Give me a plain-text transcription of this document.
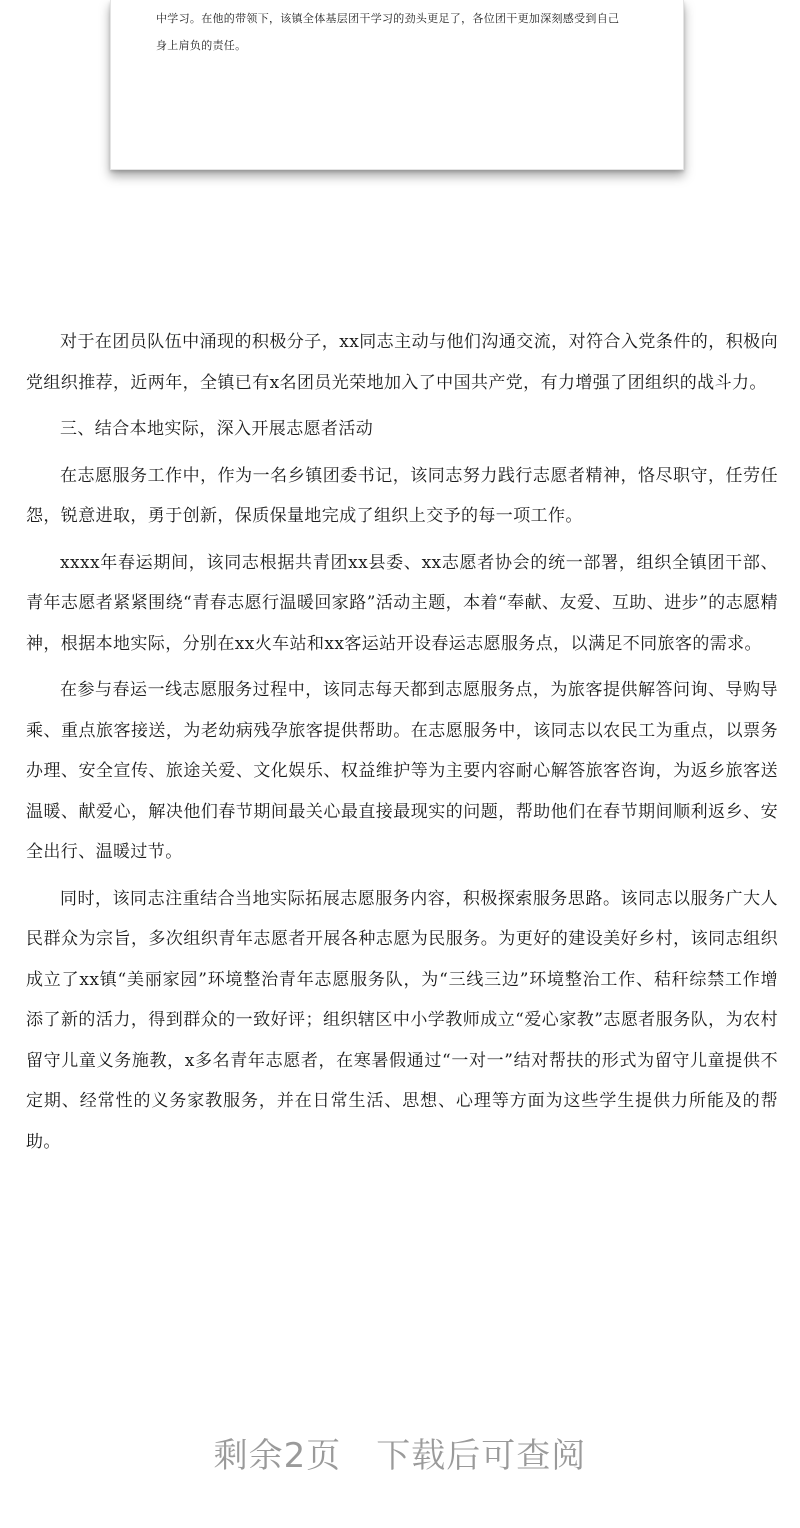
中学习。在他的带领下，该镇全体基层团干学习的劲头更足了，各位团干更加深刻感受到自己

身上肩负的责任。

对于在团员队伍中涌现的积极分子，xx同志主动与他们沟通交流，对符合入党条件的，积极向党组织推荐，近两年，全镇已有x名团员光荣地加入了中国共产党，有力增强了团组织的战斗力。

三、结合本地实际，深入开展志愿者活动

在志愿服务工作中，作为一名乡镇团委书记，该同志努力践行志愿者精神，恪尽职守，任劳任怨，锐意进取，勇于创新，保质保量地完成了组织上交予的每一项工作。

xxxx年春运期间，该同志根据共青团xx县委、xx志愿者协会的统一部署，组织全镇团干部、青年志愿者紧紧围绕“青春志愿行温暖回家路”活动主题，本着“奉献、友爱、互助、进步”的志愿精神，根据本地实际，分别在xx火车站和xx客运站开设春运志愿服务点，以满足不同旅客的需求。

在参与春运一线志愿服务过程中，该同志每天都到志愿服务点，为旅客提供解答问询、导购导乘、重点旅客接送，为老幼病残孕旅客提供帮助。在志愿服务中，该同志以农民工为重点，以票务办理、安全宣传、旅途关爱、文化娱乐、权益维护等为主要内容耐心解答旅客咨询，为返乡旅客送温暖、献爱心，解决他们春节期间最关心最直接最现实的问题，帮助他们在春节期间顺利返乡、安全出行、温暖过节。

同时，该同志注重结合当地实际拓展志愿服务内容，积极探索服务思路。该同志以服务广大人民群众为宗旨，多次组织青年志愿者开展各种志愿为民服务。为更好的建设美好乡村，该同志组织成立了xx镇“美丽家园”环境整治青年志愿服务队，为“三线三边”环境整治工作、秸秆综禁工作增添了新的活力，得到群众的一致好评；组织辖区中小学教师成立“爱心家教”志愿者服务队，为农村留守儿童义务施教，x多名青年志愿者，在寒暑假通过“一对一”结对帮扶的形式为留守儿童提供不定期、经常性的义务家教服务，并在日常生活、思想、心理等方面为这些学生提供力所能及的帮助。

剩余2页　下载后可查阅
